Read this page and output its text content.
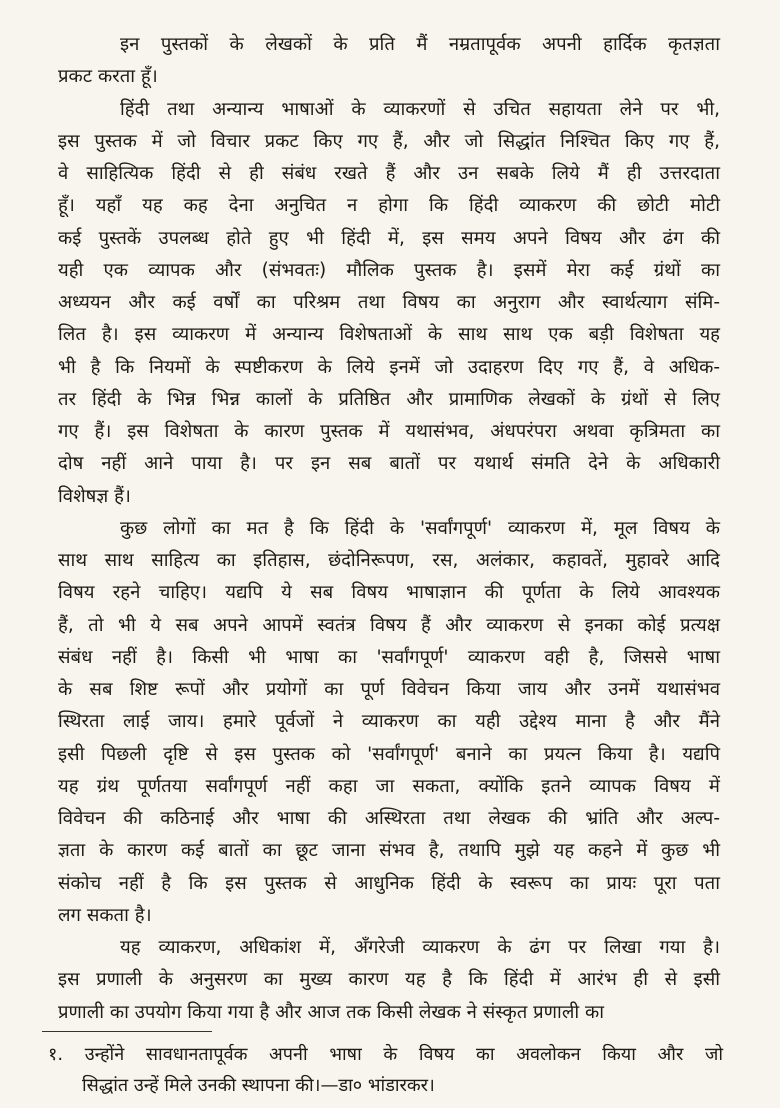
१. उन्होंने सावधानतापूर्वक अपनी भाषा के विषय का अवलोकन किया और जो
सिद्धांत उन्हें मिले उनकी स्थापना की।—डा० भांडारकर।
इन पुस्तकों के लेखकों के प्रति मैं नम्रतापूर्वक अपनी हार्दिक कृतज्ञता
प्रकट करता हूँ।
हिंदी तथा अन्यान्य भाषाओं के व्याकरणों से उचित सहायता लेने पर भी,
इस पुस्तक में जो विचार प्रकट किए गए हैं, और जो सिद्धांत निश्चित किए गए हैं,
वे साहित्यिक हिंदी से ही संबंध रखते हैं और उन सबके लिये मैं ही उत्तरदाता
हूँ। यहाँ यह कह देना अनुचित न होगा कि हिंदी व्याकरण की छोटी मोटी
कई पुस्तकें उपलब्ध होते हुए भी हिंदी में, इस समय अपने विषय और ढंग की
यही एक व्यापक और (संभवतः) मौलिक पुस्तक है। इसमें मेरा कई ग्रंथों का
अध्ययन और कई वर्षों का परिश्रम तथा विषय का अनुराग और स्वार्थत्याग संमि-
लित है। इस व्याकरण में अन्यान्य विशेषताओं के साथ साथ एक बड़ी विशेषता यह
भी है कि नियमों के स्पष्टीकरण के लिये इनमें जो उदाहरण दिए गए हैं, वे अधिक-
तर हिंदी के भिन्न भिन्न कालों के प्रतिष्ठित और प्रामाणिक लेखकों के ग्रंथों से लिए
गए हैं। इस विशेषता के कारण पुस्तक में यथासंभव, अंधपरंपरा अथवा कृत्रिमता का
दोष नहीं आने पाया है। पर इन सब बातों पर यथार्थ संमति देने के अधिकारी
विशेषज्ञ हैं।
कुछ लोगों का मत है कि हिंदी के 'सर्वांगपूर्ण' व्याकरण में, मूल विषय के
साथ साथ साहित्य का इतिहास, छंदोनिरूपण, रस, अलंकार, कहावतें, मुहावरे आदि
विषय रहने चाहिए। यद्यपि ये सब विषय भाषाज्ञान की पूर्णता के लिये आवश्यक
हैं, तो भी ये सब अपने आपमें स्वतंत्र विषय हैं और व्याकरण से इनका कोई प्रत्यक्ष
संबंध नहीं है। किसी भी भाषा का 'सर्वांगपूर्ण' व्याकरण वही है, जिससे भाषा
के सब शिष्ट रूपों और प्रयोगों का पूर्ण विवेचन किया जाय और उनमें यथासंभव
स्थिरता लाई जाय। हमारे पूर्वजों ने व्याकरण का यही उद्देश्य माना है और मैंने
इसी पिछली दृष्टि से इस पुस्तक को 'सर्वांगपूर्ण' बनाने का प्रयत्न किया है। यद्यपि
यह ग्रंथ पूर्णतया सर्वांगपूर्ण नहीं कहा जा सकता, क्योंकि इतने व्यापक विषय में
विवेचन की कठिनाई और भाषा की अस्थिरता तथा लेखक की भ्रांति और अल्प-
ज्ञता के कारण कई बातों का छूट जाना संभव है, तथापि मुझे यह कहने में कुछ भी
संकोच नहीं है कि इस पुस्तक से आधुनिक हिंदी के स्वरूप का प्रायः पूरा पता
लग सकता है।
यह व्याकरण, अधिकांश में, अँगरेजी व्याकरण के ढंग पर लिखा गया है।
इस प्रणाली के अनुसरण का मुख्य कारण यह है कि हिंदी में आरंभ ही से इसी
प्रणाली का उपयोग किया गया है और आज तक किसी लेखक ने संस्कृत प्रणाली का
